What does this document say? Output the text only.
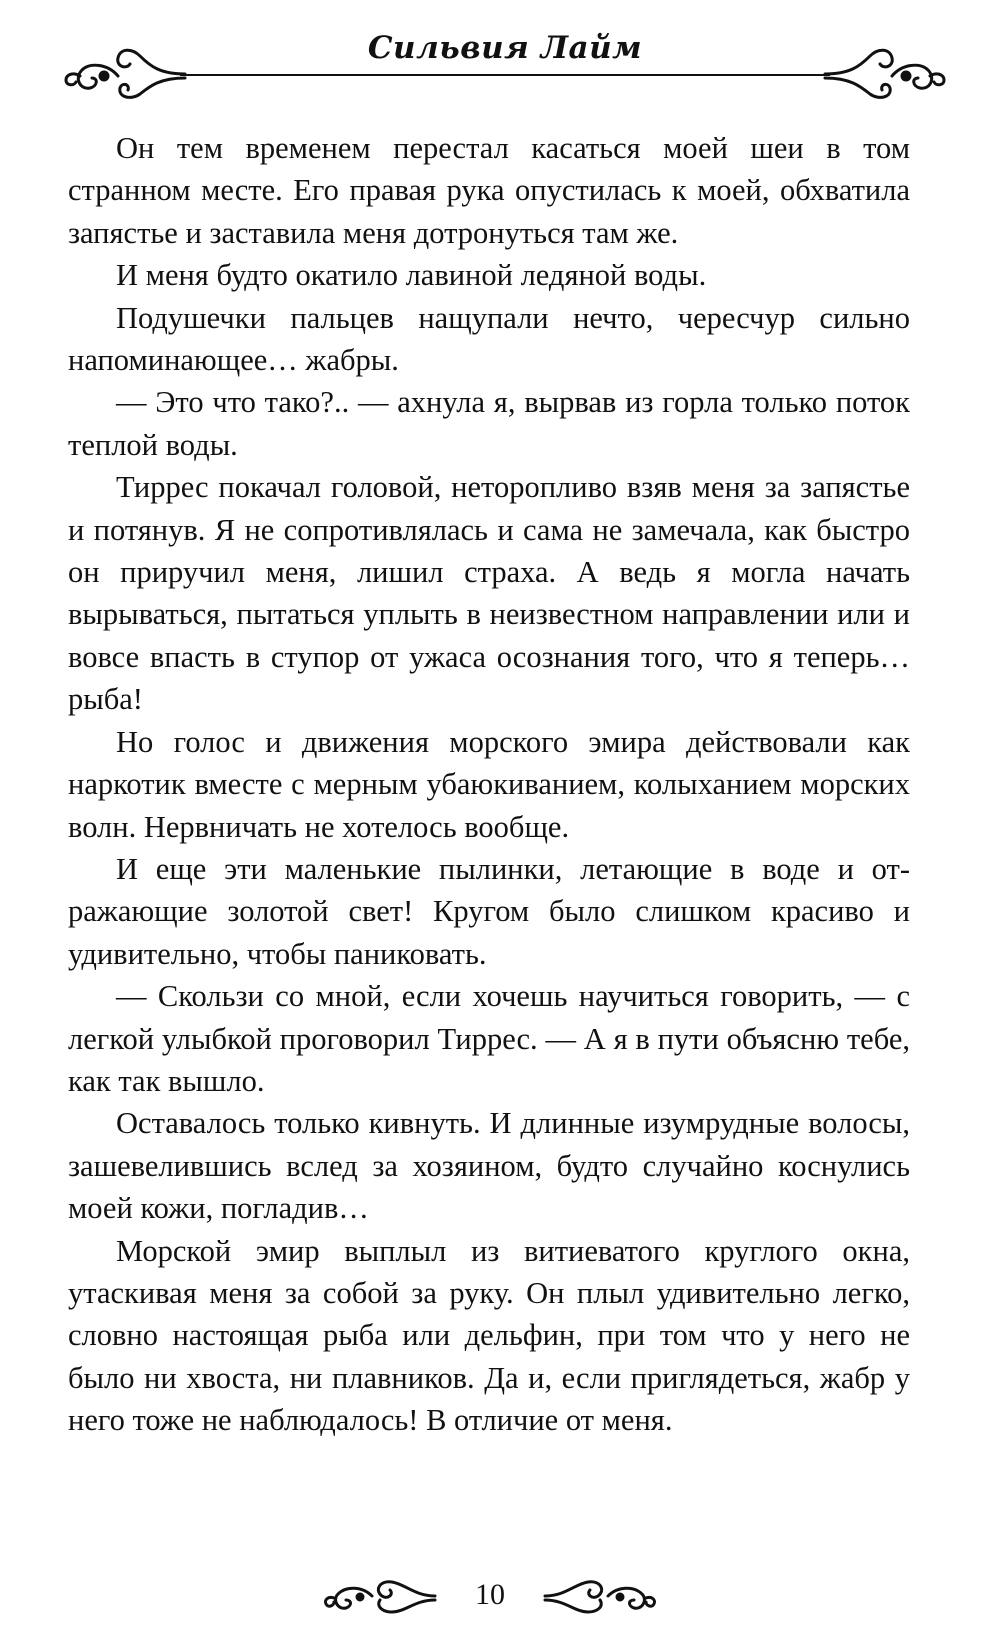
Сильвия Лайм

Он тем временем перестал касаться моей шеи в том странном месте. Его правая рука опустилась к моей, обхватила запястье и заставила меня дотронуться там же.

И меня будто окатило лавиной ледяной воды.

Подушечки пальцев нащупали нечто, чересчур сильно напоминающее… жабры.

— Это что тако?.. — ахнула я, вырвав из горла только поток теплой воды.

Тиррес покачал головой, неторопливо взяв меня за запястье и потянув. Я не сопротивлялась и сама не замечала, как быстро он приручил меня, лишил страха. А ведь я могла начать вырываться, пытаться уплыть в неизвестном направлении или и вовсе впасть в ступор от ужаса осознания того, что я теперь… рыба!

Но голос и движения морского эмира действовали как наркотик вместе с мерным убаюкиванием, колыханием морских волн. Нервничать не хотелось вообще.

И еще эти маленькие пылинки, летающие в воде и отражающие золотой свет! Кругом было слишком красиво и удивительно, чтобы паниковать.

— Скользи со мной, если хочешь научиться говорить, — с легкой улыбкой проговорил Тиррес. — А я в пути объясню тебе, как так вышло.

Оставалось только кивнуть. И длинные изумрудные волосы, зашевелившись вслед за хозяином, будто случайно коснулись моей кожи, погладив…

Морской эмир выплыл из витиеватого круглого окна, утаскивая меня за собой за руку. Он плыл удивительно легко, словно настоящая рыба или дельфин, при том что у него не было ни хвоста, ни плавников. Да и, если приглядеться, жабр у него тоже не наблюдалось! В отличие от меня.

10
